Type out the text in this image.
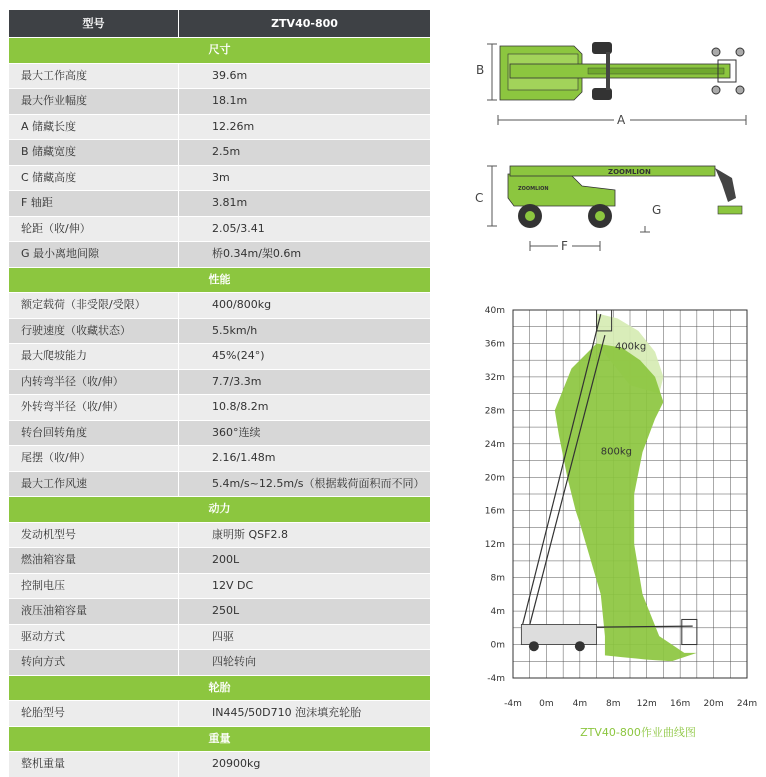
型号	ZTV40-800
尺寸
最大工作高度	39.6m
最大作业幅度	18.1m
A 储藏长度	12.26m
B 储藏宽度	2.5m
C 储藏高度	3m
F 轴距	3.81m
轮距（收/伸）	2.05/3.41
G 最小离地间隙	桥0.34m/架0.6m
性能
额定载荷（非受限/受限）	400/800kg
行驶速度（收藏状态）	5.5km/h
最大爬坡能力	45%(24°)
内转弯半径（收/伸）	7.7/3.3m
外转弯半径（收/伸）	10.8/8.2m
转台回转角度	360°连续
尾摆（收/伸）	2.16/1.48m
最大工作风速	5.4m/s~12.5m/s（根据载荷面积而不同）
动力
发动机型号	康明斯 QSF2.8
燃油箱容量	200L
控制电压	12V DC
液压油箱容量	250L
驱动方式	四驱
转向方式	四轮转向
轮胎
轮胎型号	IN445/50D710 泡沫填充轮胎
重量
整机重量	20900kg
B
A
C
ZOOMLION
ZOOMLION
G
F
400kg
800kg
40m
36m
32m
28m
24m
20m
16m
12m
8m
4m
0m
-4m
-4m 0m 4m 8m 12m 16m 20m 24m
ZTV40-800作业曲线图
